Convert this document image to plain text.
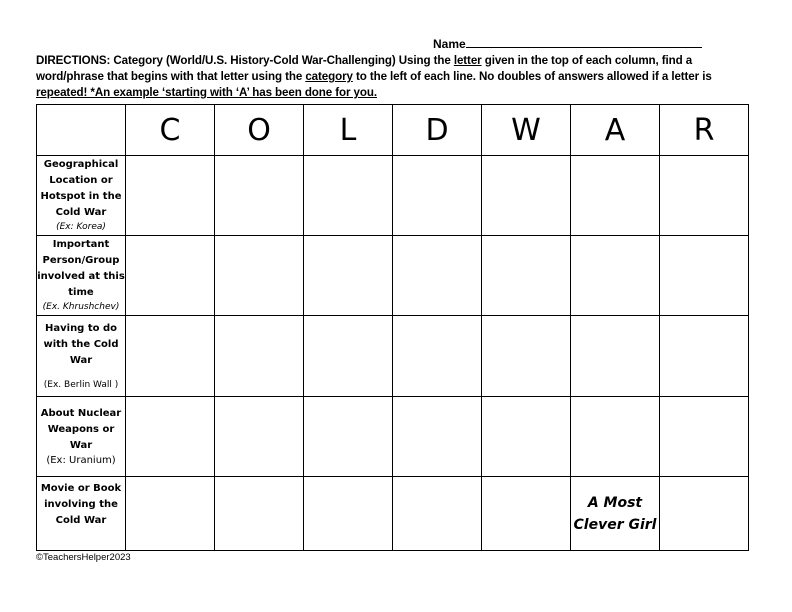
Name
DIRECTIONS: Category (World/U.S. History-Cold War-Challenging) Using the letter given in the top of each column, find a word/phrase that begins with that letter using the category to the left of each line. No doubles of answers allowed if a letter is repeated! *An example ‘starting with ‘A’ has been done for you.
	C	O	L	D	W	A	R
Geographical Location or Hotspot in the Cold War
(Ex: Korea)							

Important Person/Group involved at this time
(Ex. Khrushchev)							

Having to do with the Cold War
(Ex. Berlin Wall )							

About Nuclear Weapons or War
(Ex: Uranium)							

Movie or Book involving the Cold War						A Most Clever Girl	
©TeachersHelper2023
